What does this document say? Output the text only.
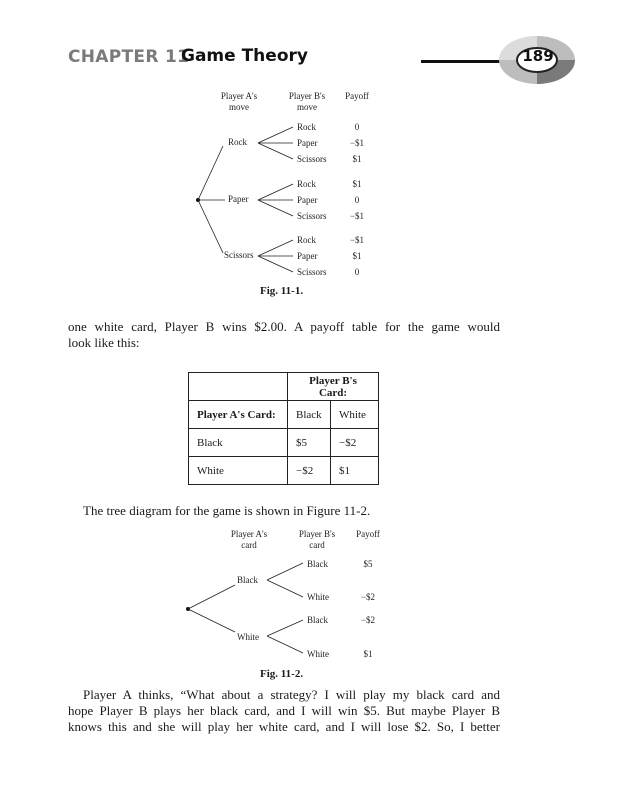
CHAPTER 11
Game Theory	189
Player A's
move
Player B's
move
Payoff
Rock
Paper
Scissors
Rock
Paper
Scissors
Rock
Paper
Scissors
Rock
Paper
Scissors
0
−$1
$1
$1
0
−$1
−$1
$1
0
Fig. 11-1.
one white card, Player B wins $2.00. A payoff table for the game would
look like this:
	Player B's Card:	
Player A's Card:	Black	White
Black	$5	−$2
White	−$2	$1
The tree diagram for the game is shown in Figure 11-2.
Player A's
card
Player B's
card
Payoff
Black
White
Black
White
Black
White
$5
−$2
−$2
$1
Fig. 11-2.
Player A thinks, “What about a strategy? I will play my black card and
hope Player B plays her black card, and I will win $5. But maybe Player B
knows this and she will play her white card, and I will lose $2. So, I better
